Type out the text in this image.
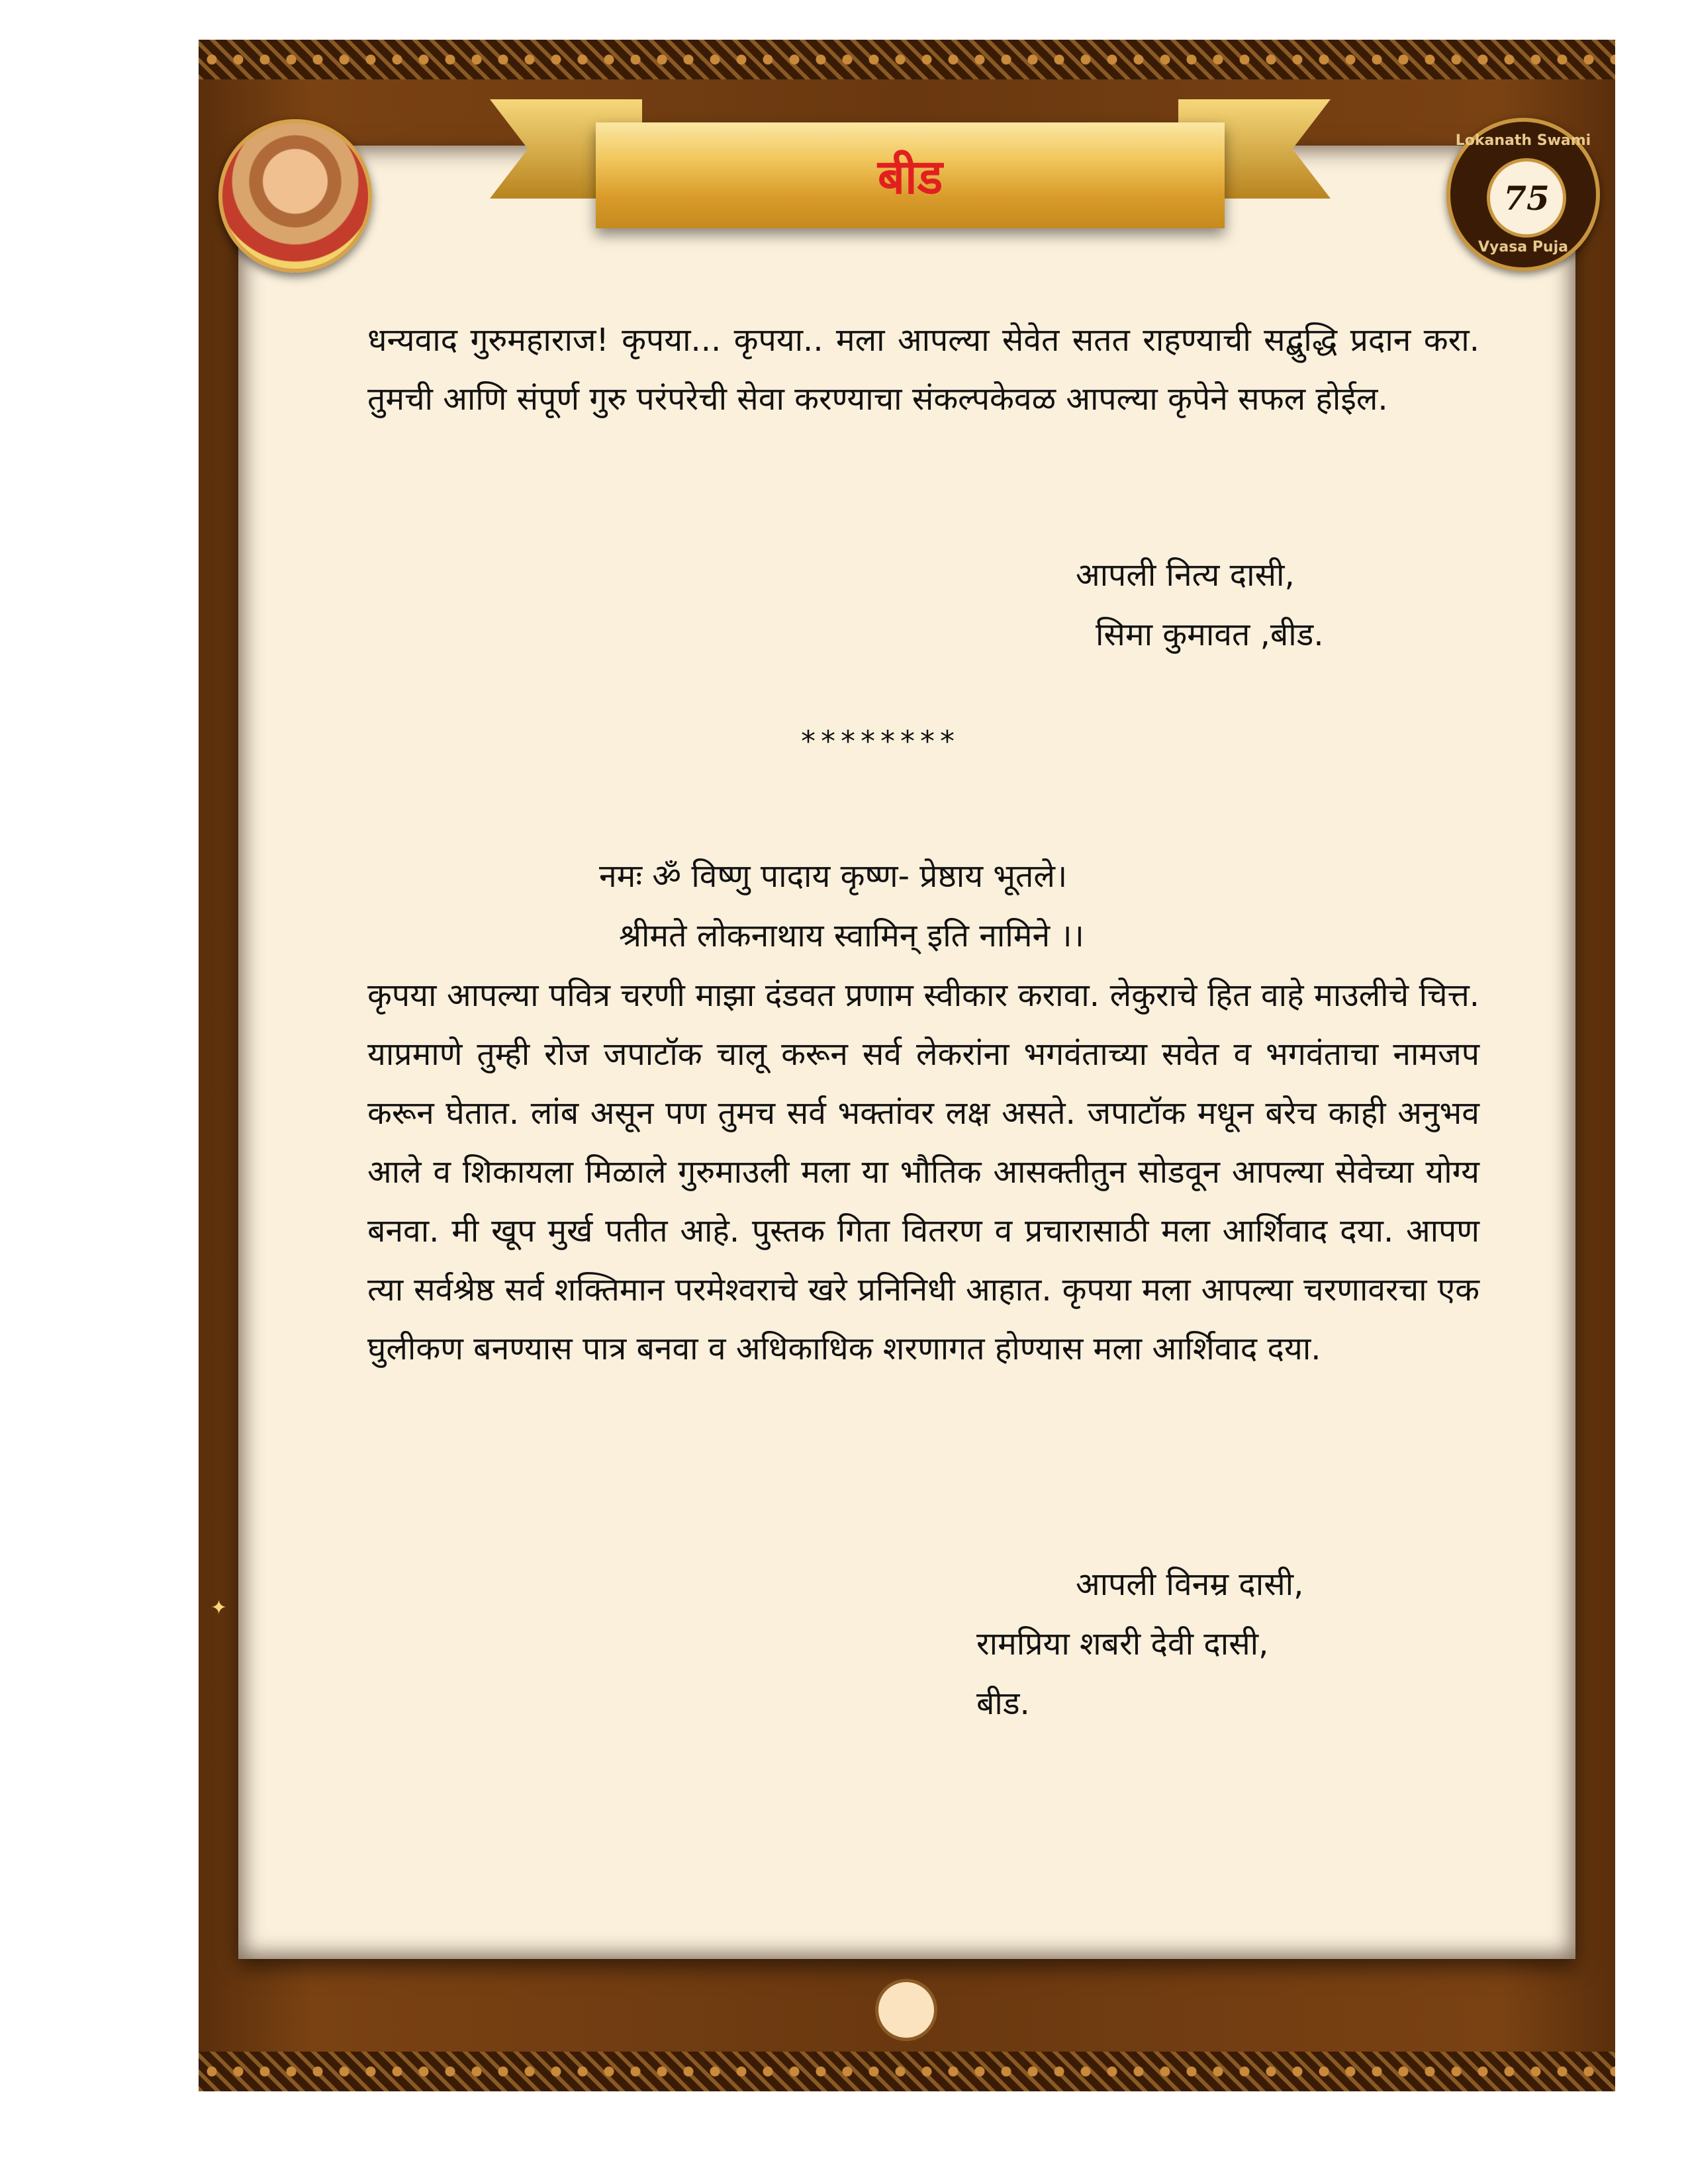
बीड
Lokanath Swami
75
Vyasa Puja
धन्यवाद गुरुमहाराज! कृपया... कृपया.. मला आपल्या सेवेत सतत राहण्याची सद्बुद्धि प्रदान करा. तुमची आणि संपूर्ण गुरु परंपरेची सेवा करण्याचा संकल्पकेवळ आपल्या कृपेने सफल होईल.
आपली नित्य दासी,
सिमा कुमावत ,बीड.
********
नमः ॐ विष्णु पादाय कृष्ण- प्रेष्ठाय भूतले।
श्रीमते लोकनाथाय स्वामिन् इति नामिने ।।
कृपया आपल्या पवित्र चरणी माझा दंडवत प्रणाम स्वीकार करावा. लेकुराचे हित वाहे माउलीचे चित्त. याप्रमाणे तुम्ही रोज जपाटॉक चालू करून सर्व लेकरांना भगवंताच्या सवेत व भगवंताचा नामजप करून घेतात. लांब असून पण तुमच सर्व भक्तांवर लक्ष असते. जपाटॉक मधून बरेच काही अनुभव आले व शिकायला मिळाले गुरुमाउली मला या भौतिक आसक्तीतुन सोडवून आपल्या सेवेच्या योग्य बनवा. मी खूप मुर्ख पतीत आहे. पुस्तक गिता वितरण व प्रचारासाठी मला आर्शिवाद दया. आपण त्या सर्वश्रेष्ठ सर्व शक्तिमान परमेश्वराचे खरे प्रनिनिधी आहात. कृपया मला आपल्या चरणावरचा एक घुलीकण बनण्यास पात्र बनवा व अधिकाधिक शरणागत होण्यास मला आर्शिवाद दया.
आपली विनम्र दासी,
रामप्रिया शबरी देवी दासी,
बीड.
✦
